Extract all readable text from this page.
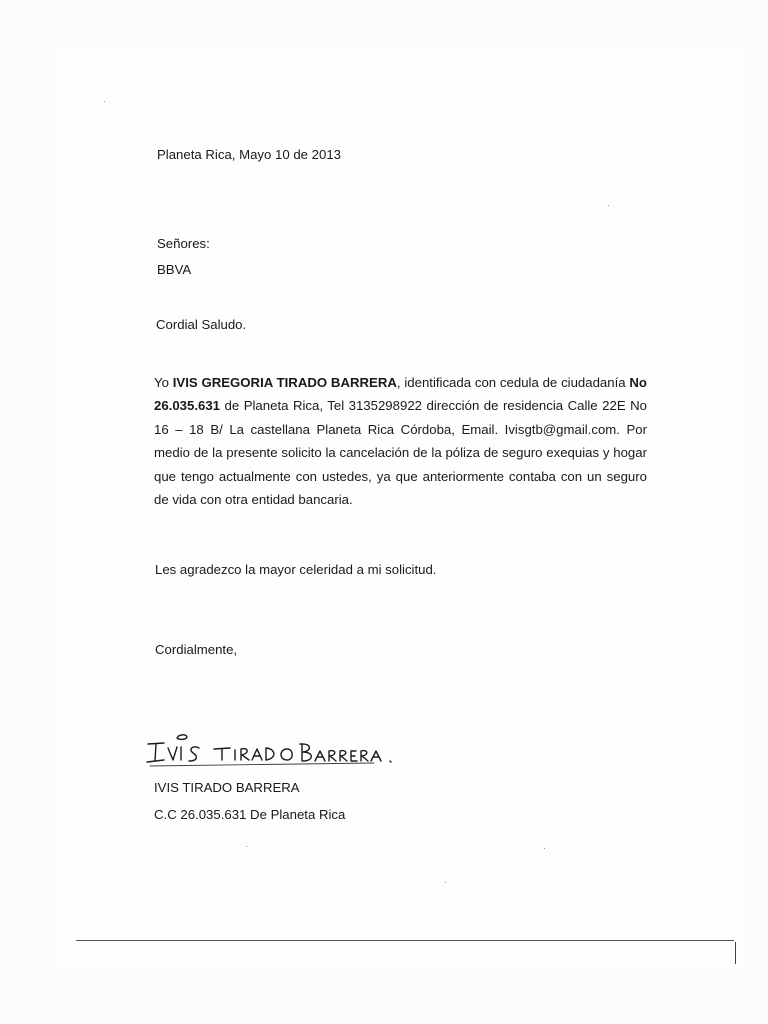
Planeta Rica, Mayo 10 de 2013
Señores:
BBVA
Cordial Saludo.
Yo IVIS GREGORIA TIRADO BARRERA, identificada con cedula de ciudadanía No 26.035.631 de Planeta Rica, Tel 3135298922 dirección de residencia Calle 22E No 16 – 18 B/ La castellana Planeta Rica Córdoba, Email. Ivisgtb@gmail.com. Por medio de la presente solicito la cancelación de la póliza de seguro exequias y hogar que tengo actualmente con ustedes, ya que anteriormente contaba con un seguro de vida con otra entidad bancaria.
Les agradezco la mayor celeridad a mi solicitud.
Cordialmente,
IVIS TIRADO BARRERA
C.C 26.035.631 De Planeta Rica
